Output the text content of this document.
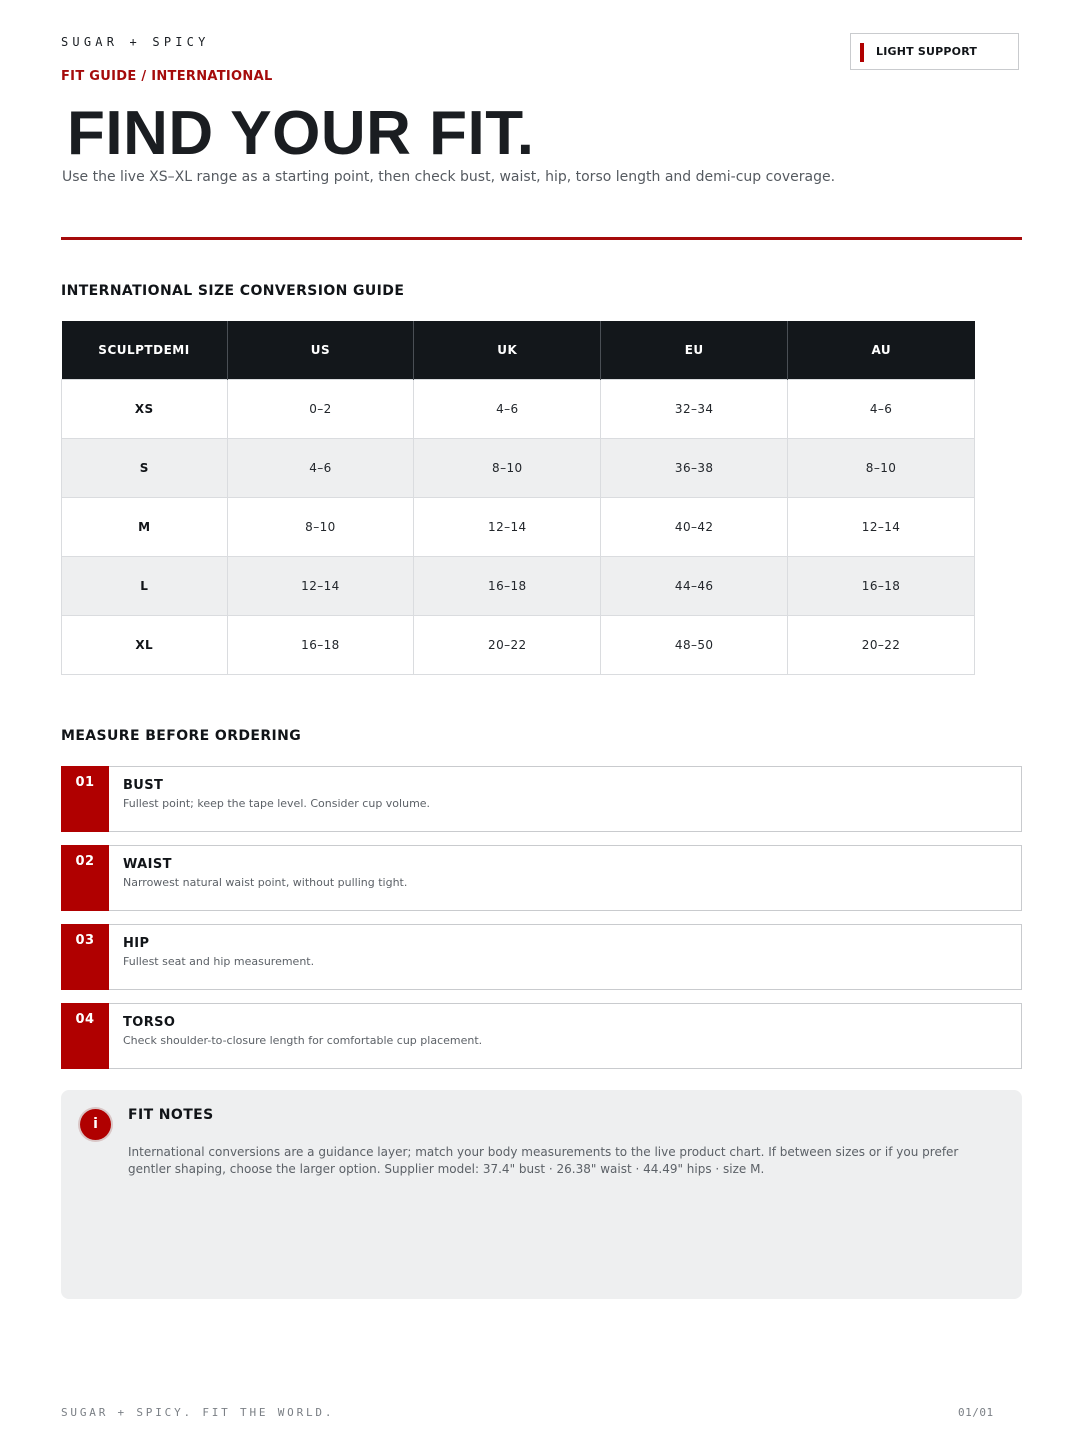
SUGAR + SPICY
FIT GUIDE / INTERNATIONAL
LIGHT SUPPORT
FIND YOUR FIT.
Use the live XS–XL range as a starting point, then check bust, waist, hip, torso length and demi-cup coverage.
INTERNATIONAL SIZE CONVERSION GUIDE
SCULPTDEMI	US	UK	EU	AU
XS	0–2	4–6	32–34	4–6
S	4–6	8–10	36–38	8–10
M	8–10	12–14	40–42	12–14
L	12–14	16–18	44–46	16–18
XL	16–18	20–22	48–50	20–22
MEASURE BEFORE ORDERING
01	BUST
Fullest point; keep the tape level. Consider cup volume.
02	WAIST
Narrowest natural waist point, without pulling tight.
03	HIP
Fullest seat and hip measurement.
04	TORSO
Check shoulder-to-closure length for comfortable cup placement.
i
FIT NOTES
International conversions are a guidance layer; match your body measurements to the live product chart. If between sizes or if you prefer gentler shaping, choose the larger option. Supplier model: 37.4" bust · 26.38" waist · 44.49" hips · size M.
SUGAR + SPICY. FIT THE WORLD.	01/01
